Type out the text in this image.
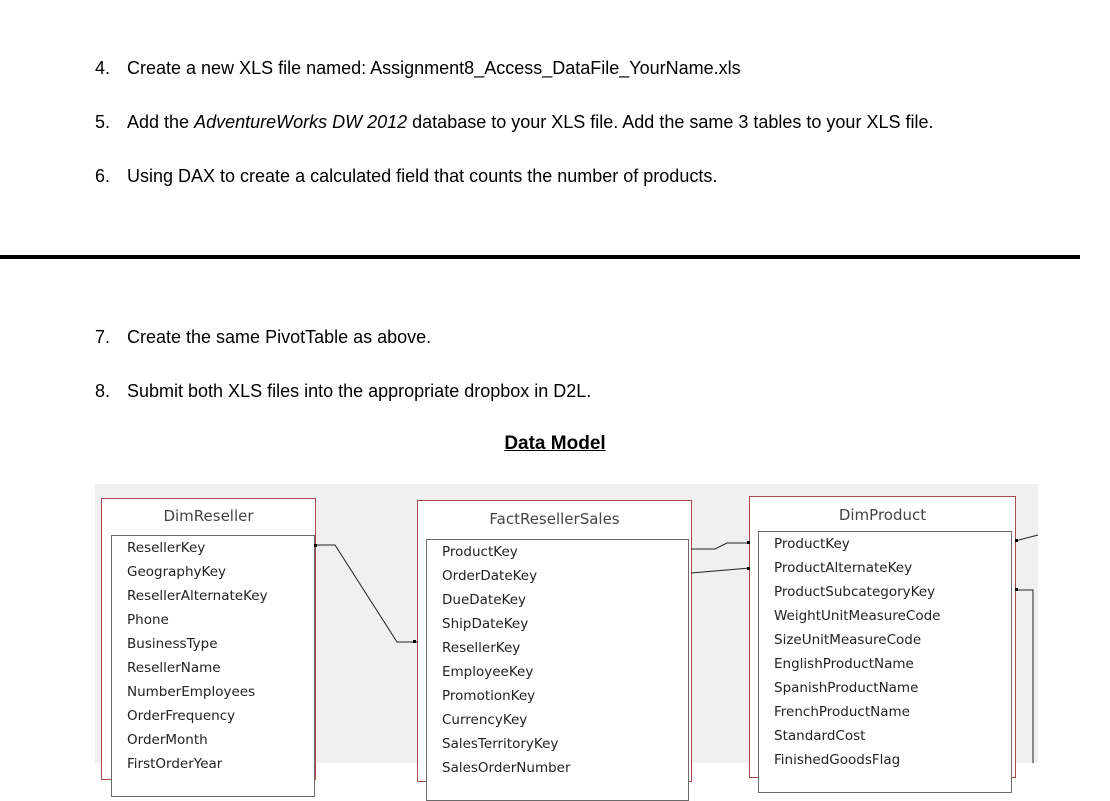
4. Create a new XLS file named: Assignment8_Access_DataFile_YourName.xls
5. Add the AdventureWorks DW 2012 database to your XLS file. Add the same 3 tables to your XLS file.
6. Using DAX to create a calculated field that counts the number of products.
7. Create the same PivotTable as above.
8. Submit both XLS files into the appropriate dropbox in D2L.
Data Model
DimReseller
ResellerKey
GeographyKey
ResellerAlternateKey
Phone
BusinessType
ResellerName
NumberEmployees
OrderFrequency
OrderMonth
FirstOrderYear
FactResellerSales
ProductKey
OrderDateKey
DueDateKey
ShipDateKey
ResellerKey
EmployeeKey
PromotionKey
CurrencyKey
SalesTerritoryKey
SalesOrderNumber
DimProduct
ProductKey
ProductAlternateKey
ProductSubcategoryKey
WeightUnitMeasureCode
SizeUnitMeasureCode
EnglishProductName
SpanishProductName
FrenchProductName
StandardCost
FinishedGoodsFlag
